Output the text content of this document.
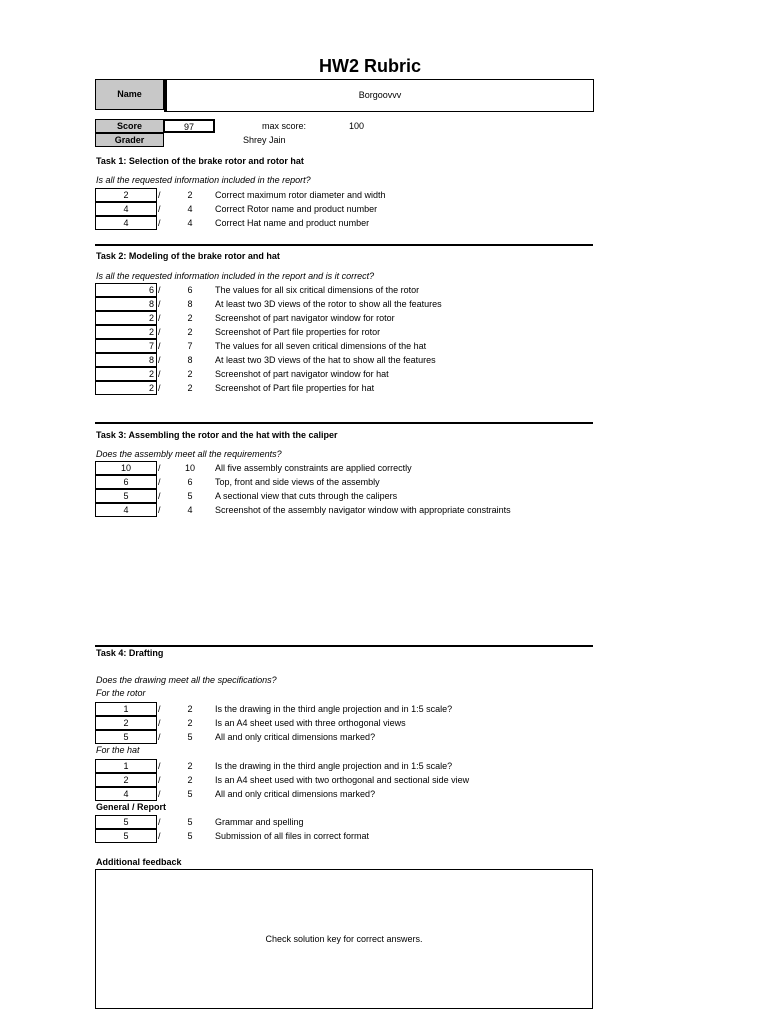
HW2 Rubric
Name	Borgoovvv
Score	97	max score:	100
Grader	Shrey Jain
Task 1: Selection of the brake rotor and rotor hat
Is all the requested information included in the report?
2	/	2	Correct maximum rotor diameter and width
4	/	4	Correct Rotor name and product number
4	/	4	Correct Hat name and product number
Task 2: Modeling of the brake rotor and hat
Is all the requested information included in the report and is it correct?
6 /	6	The values for all six critical dimensions of the rotor
8 /	8	At least two 3D views of the rotor to show all the features
2 /	2	Screenshot of part navigator window for rotor
2 /	2	Screenshot of Part file properties for rotor
7 /	7	The values for all seven critical dimensions of the hat
8 /	8	At least two 3D views of the hat to show all the features
2 /	2	Screenshot of part navigator window for hat
2 /	2	Screenshot of Part file properties for hat
Task 3: Assembling the rotor and the hat with the caliper
Does the assembly meet all the requirements?
10	/	10	All five assembly constraints are applied correctly
6	/	6	Top, front and side views of the assembly
5	/	5	A sectional view that cuts through the calipers
4	/	4	Screenshot of the assembly navigator window with appropriate constraints
Task 4: Drafting
Does the drawing meet all the specifications?
For the rotor
1	/	2	Is the drawing in the third angle projection and in 1:5 scale?
2	/	2	Is an A4 sheet used with three orthogonal views
5	/	5	All and only critical dimensions marked?
For the hat
1	/	2	Is the drawing in the third angle projection and in 1:5 scale?
2	/	2	Is an A4 sheet used with two orthogonal and sectional side view
4	/	5	All and only critical dimensions marked?
General / Report
5	/	5	Grammar and spelling
5	/	5	Submission of all files in correct format
Additional feedback
Check solution key for correct answers.
